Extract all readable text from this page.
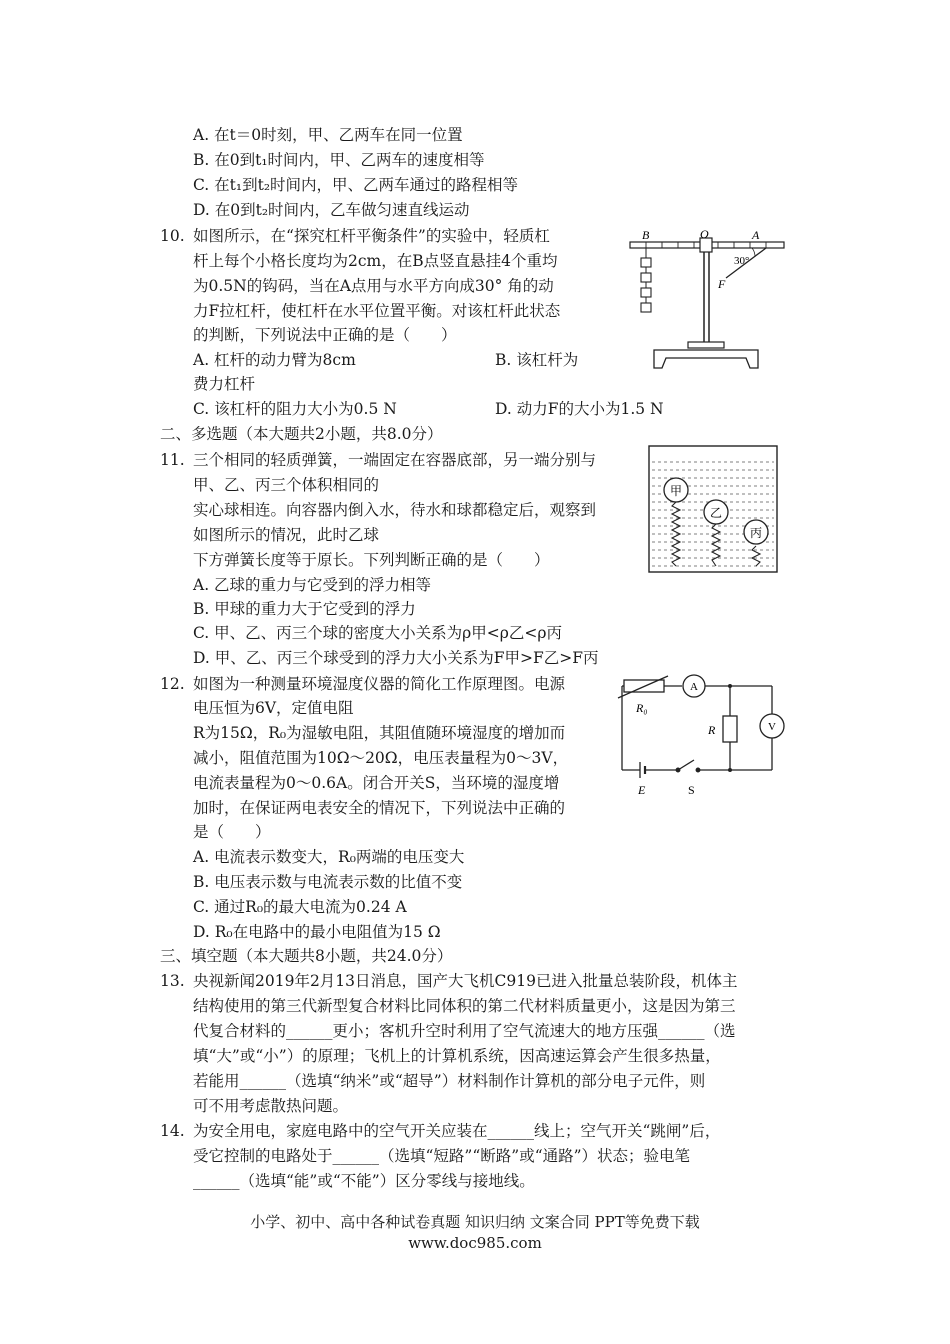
A. 在t＝0时刻，甲、乙两车在同一位置
B. 在0到t₁时间内，甲、乙两车的速度相等
C. 在t₁到t₂时间内，甲、乙两车通过的路程相等
D. 在0到t₂时间内，乙车做匀速直线运动
10. 如图所示，在“探究杠杆平衡条件”的实验中，轻质杠
杆上每个小格长度均为2cm，在B点竖直悬挂4个重均
为0.5N的钩码，当在A点用与水平方向成30° 角的动
力F拉杠杆，使杠杆在水平位置平衡。对该杠杆此状态
的判断，下列说法中正确的是（　　）
A. 杠杆的动力臂为8cm	B. 该杠杆为
费力杠杆
C. 该杠杆的阻力大小为0.5 N	D. 动力F的大小为1.5 N
B	O	A
30°
F
二、多选题（本大题共2小题，共8.0分）
11. 三个相同的轻质弹簧，一端固定在容器底部，另一端分别与
甲、乙、丙三个体积相同的
实心球相连。向容器内倒入水，待水和球都稳定后，观察到
如图所示的情况，此时乙球
下方弹簧长度等于原长。下列判断正确的是（　　）
A. 乙球的重力与它受到的浮力相等
B. 甲球的重力大于它受到的浮力
C. 甲、乙、丙三个球的密度大小关系为ρ甲<ρ乙<ρ丙
D. 甲、乙、丙三个球受到的浮力大小关系为F甲>F乙>F丙
甲
乙
丙
12. 如图为一种测量环境湿度仪器的简化工作原理图。电源
电压恒为6V，定值电阻
R为15Ω，R₀为湿敏电阻，其阻值随环境湿度的增加而
减小，阻值范围为10Ω～20Ω，电压表量程为0～3V，
电流表量程为0～0.6A。闭合开关S，当环境的湿度增
加时，在保证两电表安全的情况下，下列说法中正确的
是（　　）
A. 电流表示数变大，R₀两端的电压变大
B. 电压表示数与电流表示数的比值不变
C. 通过R₀的最大电流为0.24 A
D. R₀在电路中的最小电阻值为15 Ω
A
V
R₀
R
E	S
三、填空题（本大题共8小题，共24.0分）
13. 央视新闻2019年2月13日消息，国产大飞机C919已进入批量总装阶段，机体主
结构使用的第三代新型复合材料比同体积的第二代材料质量更小，这是因为第三
代复合材料的______更小；客机升空时利用了空气流速大的地方压强______（选
填“大”或“小”）的原理；飞机上的计算机系统，因高速运算会产生很多热量，
若能用______（选填“纳米”或“超导”）材料制作计算机的部分电子元件，则
可不用考虑散热问题。
14. 为安全用电，家庭电路中的空气开关应装在______线上；空气开关“跳闸”后，
受它控制的电路处于______（选填“短路”“断路”或“通路”）状态；验电笔
______（选填“能”或“不能”）区分零线与接地线。
小学、初中、高中各种试卷真题 知识归纳 文案合同 PPT等免费下载
www.doc985.com
